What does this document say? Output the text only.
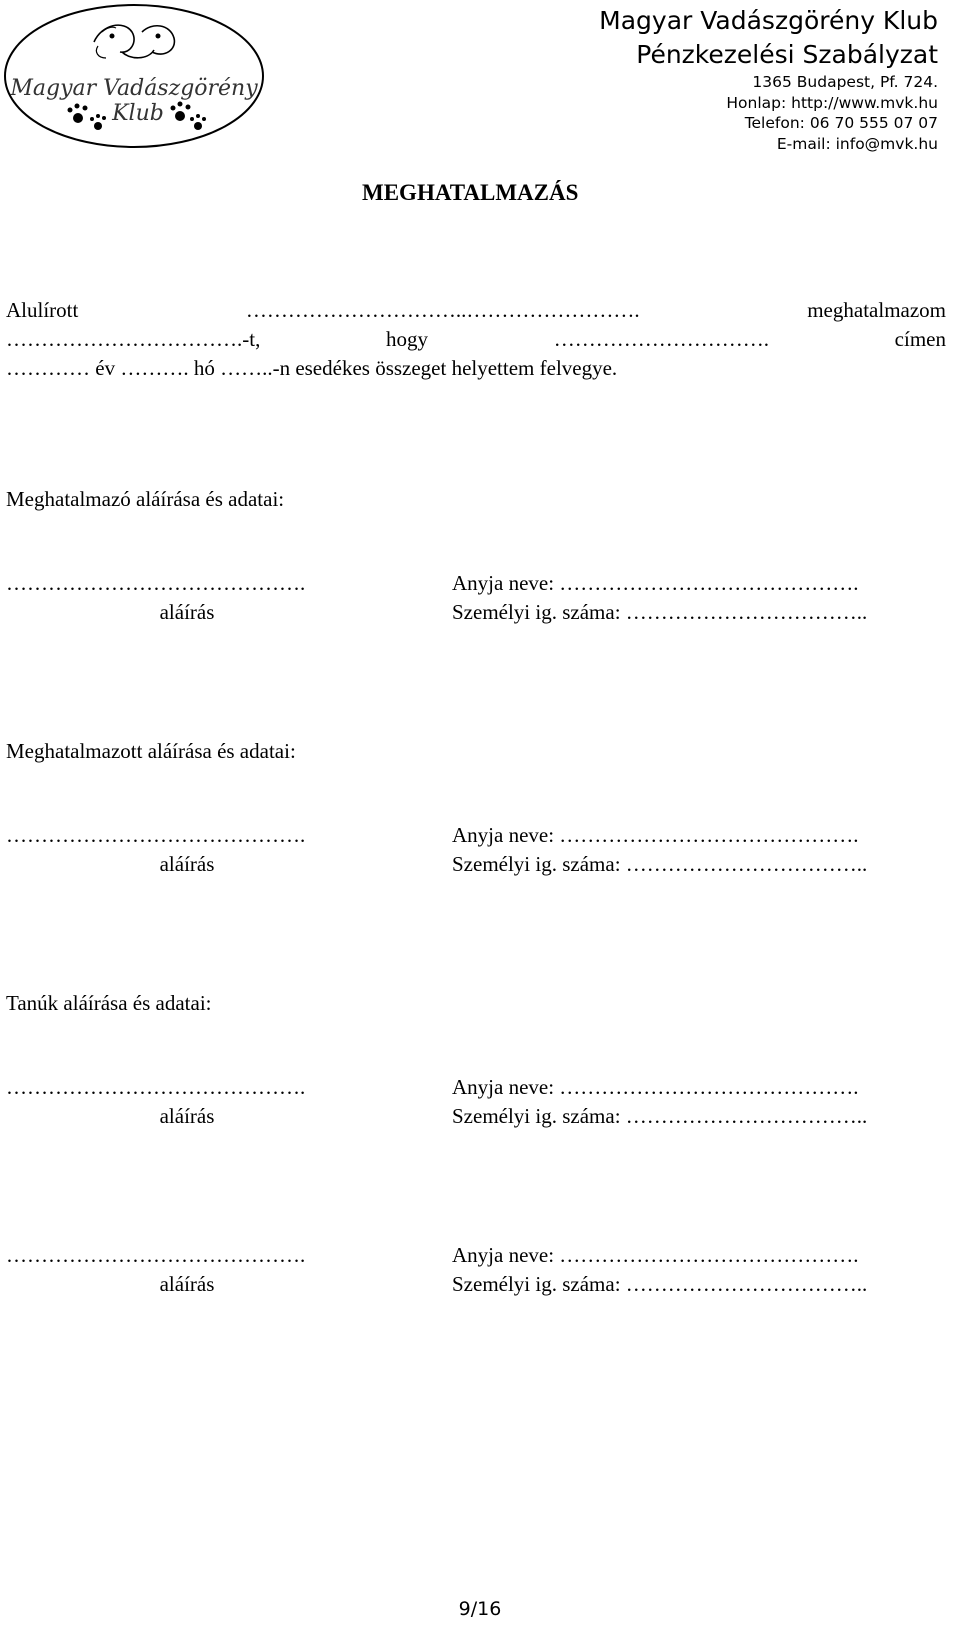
Magyar Vadászgörény
Klub
Magyar Vadászgörény Klub
Pénzkezelési Szabályzat
1365 Budapest, Pf. 724.
Honlap: http://www.mvk.hu
Telefon: 06 70 555 07 07
E-mail: info@mvk.hu
MEGHATALMAZÁS
Alulírott …………………………..……………………. meghatalmazom
…………………………….-t, hogy …………………………. címen
………… év ………. hó ……..-n esedékes összeget helyettem felvegye.
Meghatalmazó aláírása és adatai:
…………………………………….
aláírás
Anyja neve: …………………………………….
Személyi ig. száma: ……………………………..
Meghatalmazott aláírása és adatai:
…………………………………….
aláírás
Anyja neve: …………………………………….
Személyi ig. száma: ……………………………..
Tanúk aláírása és adatai:
…………………………………….
aláírás
Anyja neve: …………………………………….
Személyi ig. száma: ……………………………..
…………………………………….
aláírás
Anyja neve: …………………………………….
Személyi ig. száma: ……………………………..
9/16
